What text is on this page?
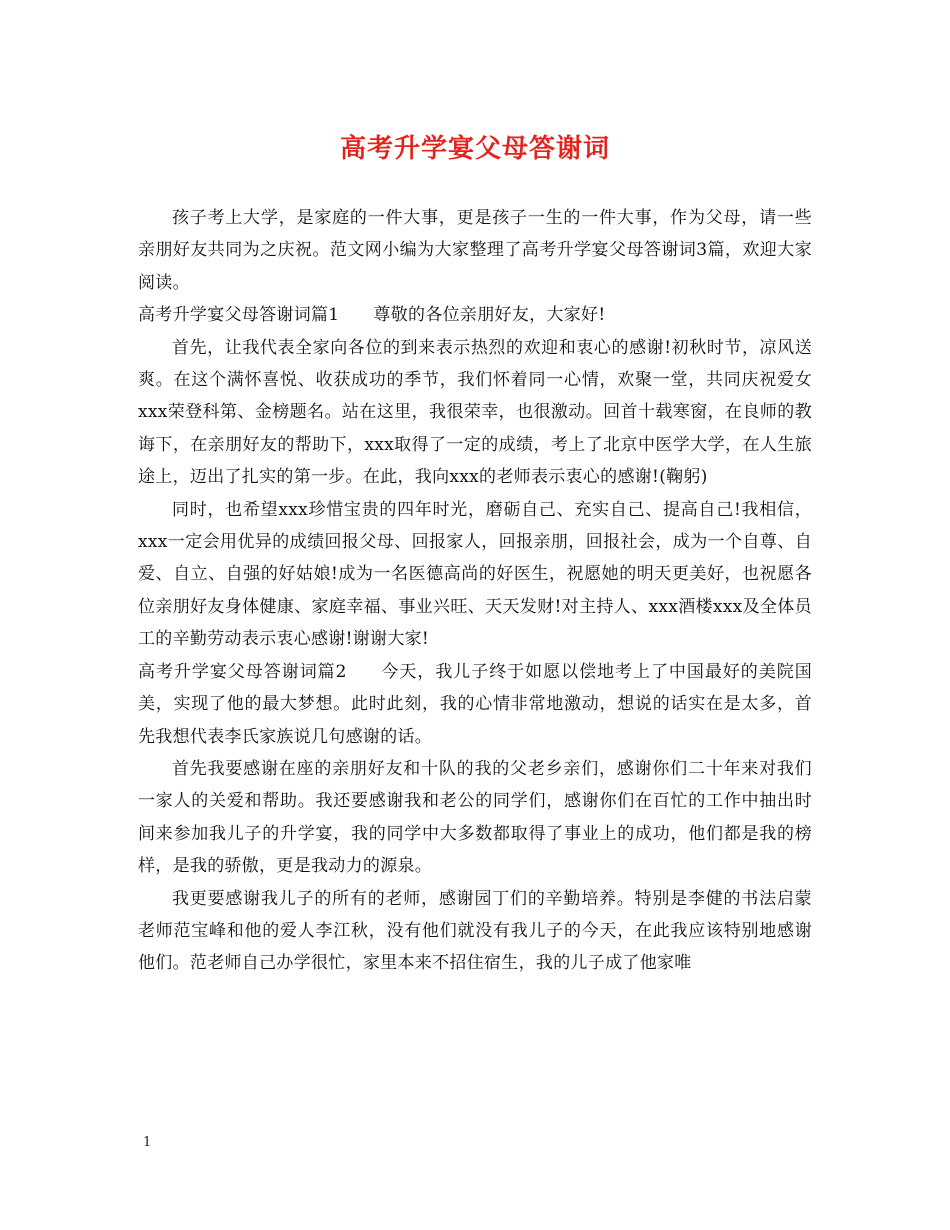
高考升学宴父母答谢词

孩子考上大学，是家庭的一件大事，更是孩子一生的一件大事，作为父母，请一些亲朋好友共同为之庆祝。范文网小编为大家整理了高考升学宴父母答谢词3篇，欢迎大家阅读。

高考升学宴父母答谢词篇1 尊敬的各位亲朋好友，大家好!

首先，让我代表全家向各位的到来表示热烈的欢迎和衷心的感谢!初秋时节，凉风送爽。在这个满怀喜悦、收获成功的季节，我们怀着同一心情，欢聚一堂，共同庆祝爱女xxx荣登科第、金榜题名。站在这里，我很荣幸，也很激动。回首十载寒窗，在良师的教诲下，在亲朋好友的帮助下，xxx取得了一定的成绩，考上了北京中医学大学，在人生旅途上，迈出了扎实的第一步。在此，我向xxx的老师表示衷心的感谢!(鞠躬)

同时，也希望xxx珍惜宝贵的四年时光，磨砺自己、充实自己、提高自己!我相信，xxx一定会用优异的成绩回报父母、回报家人，回报亲朋，回报社会，成为一个自尊、自爱、自立、自强的好姑娘!成为一名医德高尚的好医生，祝愿她的明天更美好，也祝愿各位亲朋好友身体健康、家庭幸福、事业兴旺、天天发财!对主持人、xxx酒楼xxx及全体员工的辛勤劳动表示衷心感谢!谢谢大家!

高考升学宴父母答谢词篇2 今天，我儿子终于如愿以偿地考上了中国最好的美院国美，实现了他的最大梦想。此时此刻，我的心情非常地激动，想说的话实在是太多，首先我想代表李氏家族说几句感谢的话。

首先我要感谢在座的亲朋好友和十队的我的父老乡亲们，感谢你们二十年来对我们一家人的关爱和帮助。我还要感谢我和老公的同学们，感谢你们在百忙的工作中抽出时间来参加我儿子的升学宴，我的同学中大多数都取得了事业上的成功，他们都是我的榜样，是我的骄傲，更是我动力的源泉。

我更要感谢我儿子的所有的老师，感谢园丁们的辛勤培养。特别是李健的书法启蒙老师范宝峰和他的爱人李江秋，没有他们就没有我儿子的今天，在此我应该特别地感谢他们。范老师自己办学很忙，家里本来不招住宿生，我的儿子成了他家唯

1
